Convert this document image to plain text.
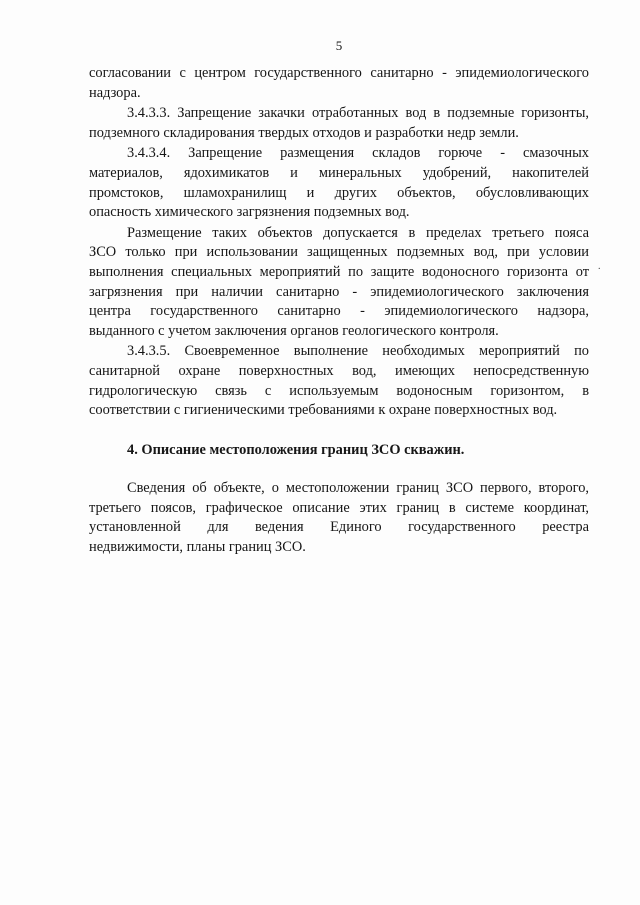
5
согласовании с центром государственного санитарно - эпидемиологического
надзора.
3.4.3.3. Запрещение закачки отработанных вод в подземные горизонты,
подземного складирования твердых отходов и разработки недр земли.
3.4.3.4. Запрещение размещения складов горюче - смазочных
материалов, ядохимикатов и минеральных удобрений, накопителей
промстоков, шламохранилищ и других объектов, обусловливающих
опасность химического загрязнения подземных вод.
Размещение таких объектов допускается в пределах третьего пояса
ЗСО только при использовании защищенных подземных вод, при условии
выполнения специальных мероприятий по защите водоносного горизонта от
загрязнения при наличии санитарно - эпидемиологического заключения
центра государственного санитарно - эпидемиологического надзора,
выданного с учетом заключения органов геологического контроля.
3.4.3.5. Своевременное выполнение необходимых мероприятий по
санитарной охране поверхностных вод, имеющих непосредственную
гидрологическую связь с используемым водоносным горизонтом, в
соответствии с гигиеническими требованиями к охране поверхностных вод.
.
4. Описание местоположения границ ЗСО скважин.
Сведения об объекте, о местоположении границ ЗСО первого, второго,
третьего поясов, графическое описание этих границ в системе координат,
установленной для ведения Единого государственного реестра
недвижимости, планы границ ЗСО.
